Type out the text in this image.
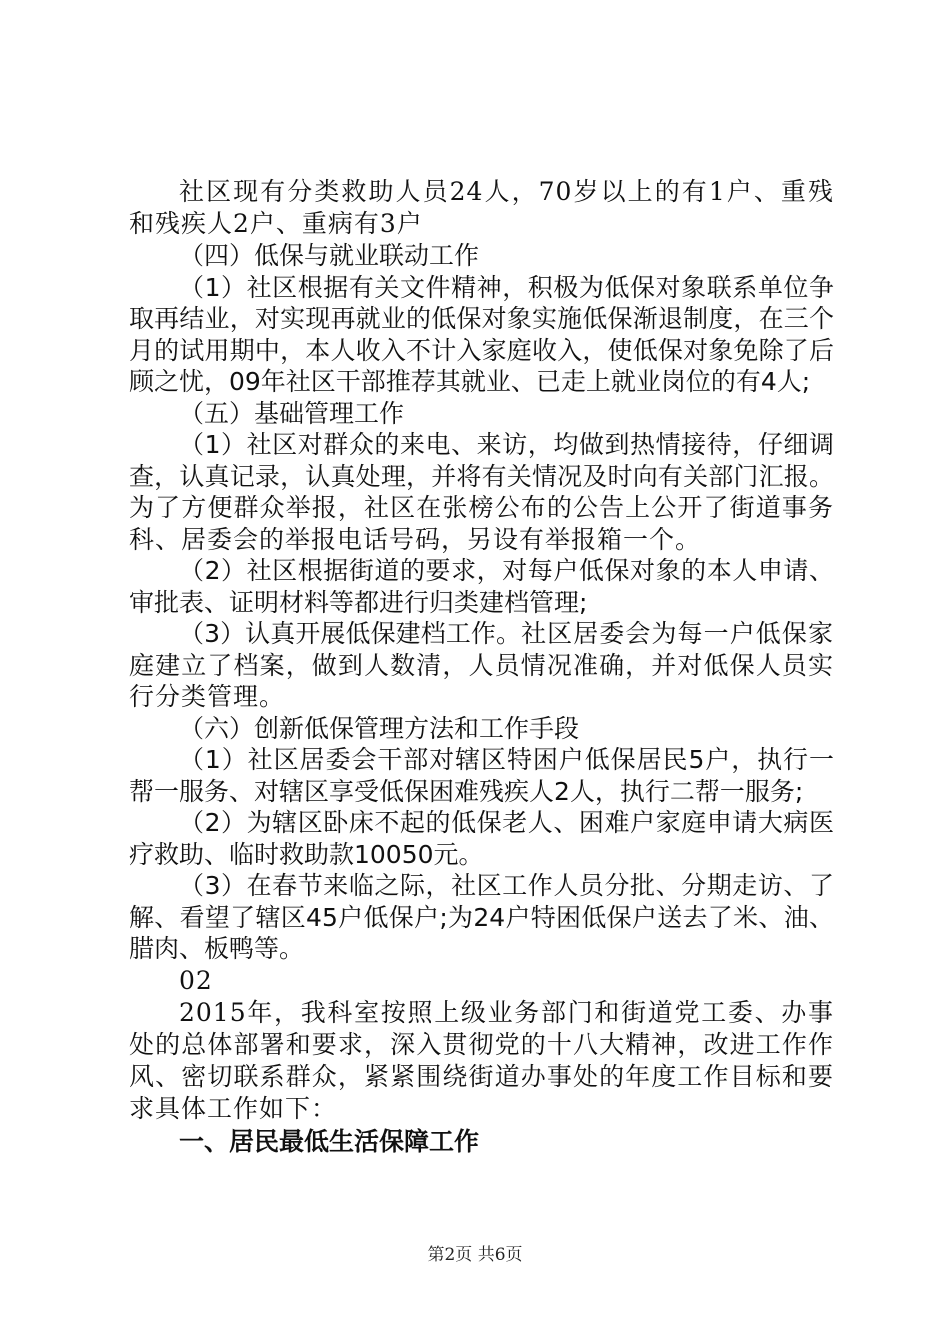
社区现有分类救助人员24人，70岁以上的有1户、重残和残疾人2户、重病有3户

（四）低保与就业联动工作

（1）社区根据有关文件精神，积极为低保对象联系单位争取再结业，对实现再就业的低保对象实施低保渐退制度，在三个月的试用期中，本人收入不计入家庭收入，使低保对象免除了后顾之忧，09年社区干部推荐其就业、已走上就业岗位的有4人;

（五）基础管理工作

（1）社区对群众的来电、来访，均做到热情接待，仔细调查，认真记录，认真处理，并将有关情况及时向有关部门汇报。为了方便群众举报，社区在张榜公布的公告上公开了街道事务科、居委会的举报电话号码，另设有举报箱一个。

（2）社区根据街道的要求，对每户低保对象的本人申请、审批表、证明材料等都进行归类建档管理;

（3）认真开展低保建档工作。社区居委会为每一户低保家庭建立了档案，做到人数清，人员情况准确，并对低保人员实行分类管理。

（六）创新低保管理方法和工作手段

（1）社区居委会干部对辖区特困户低保居民5户，执行一帮一服务、对辖区享受低保困难残疾人2人，执行二帮一服务;

（2）为辖区卧床不起的低保老人、困难户家庭申请大病医疗救助、临时救助款10050元。

（3）在春节来临之际，社区工作人员分批、分期走访、了解、看望了辖区45户低保户;为24户特困低保户送去了米、油、腊肉、板鸭等。

02

2015年，我科室按照上级业务部门和街道党工委、办事处的总体部署和要求，深入贯彻党的十八大精神，改进工作作风、密切联系群众，紧紧围绕街道办事处的年度工作目标和要求具体工作如下：

一、居民最低生活保障工作

第2页 共6页
